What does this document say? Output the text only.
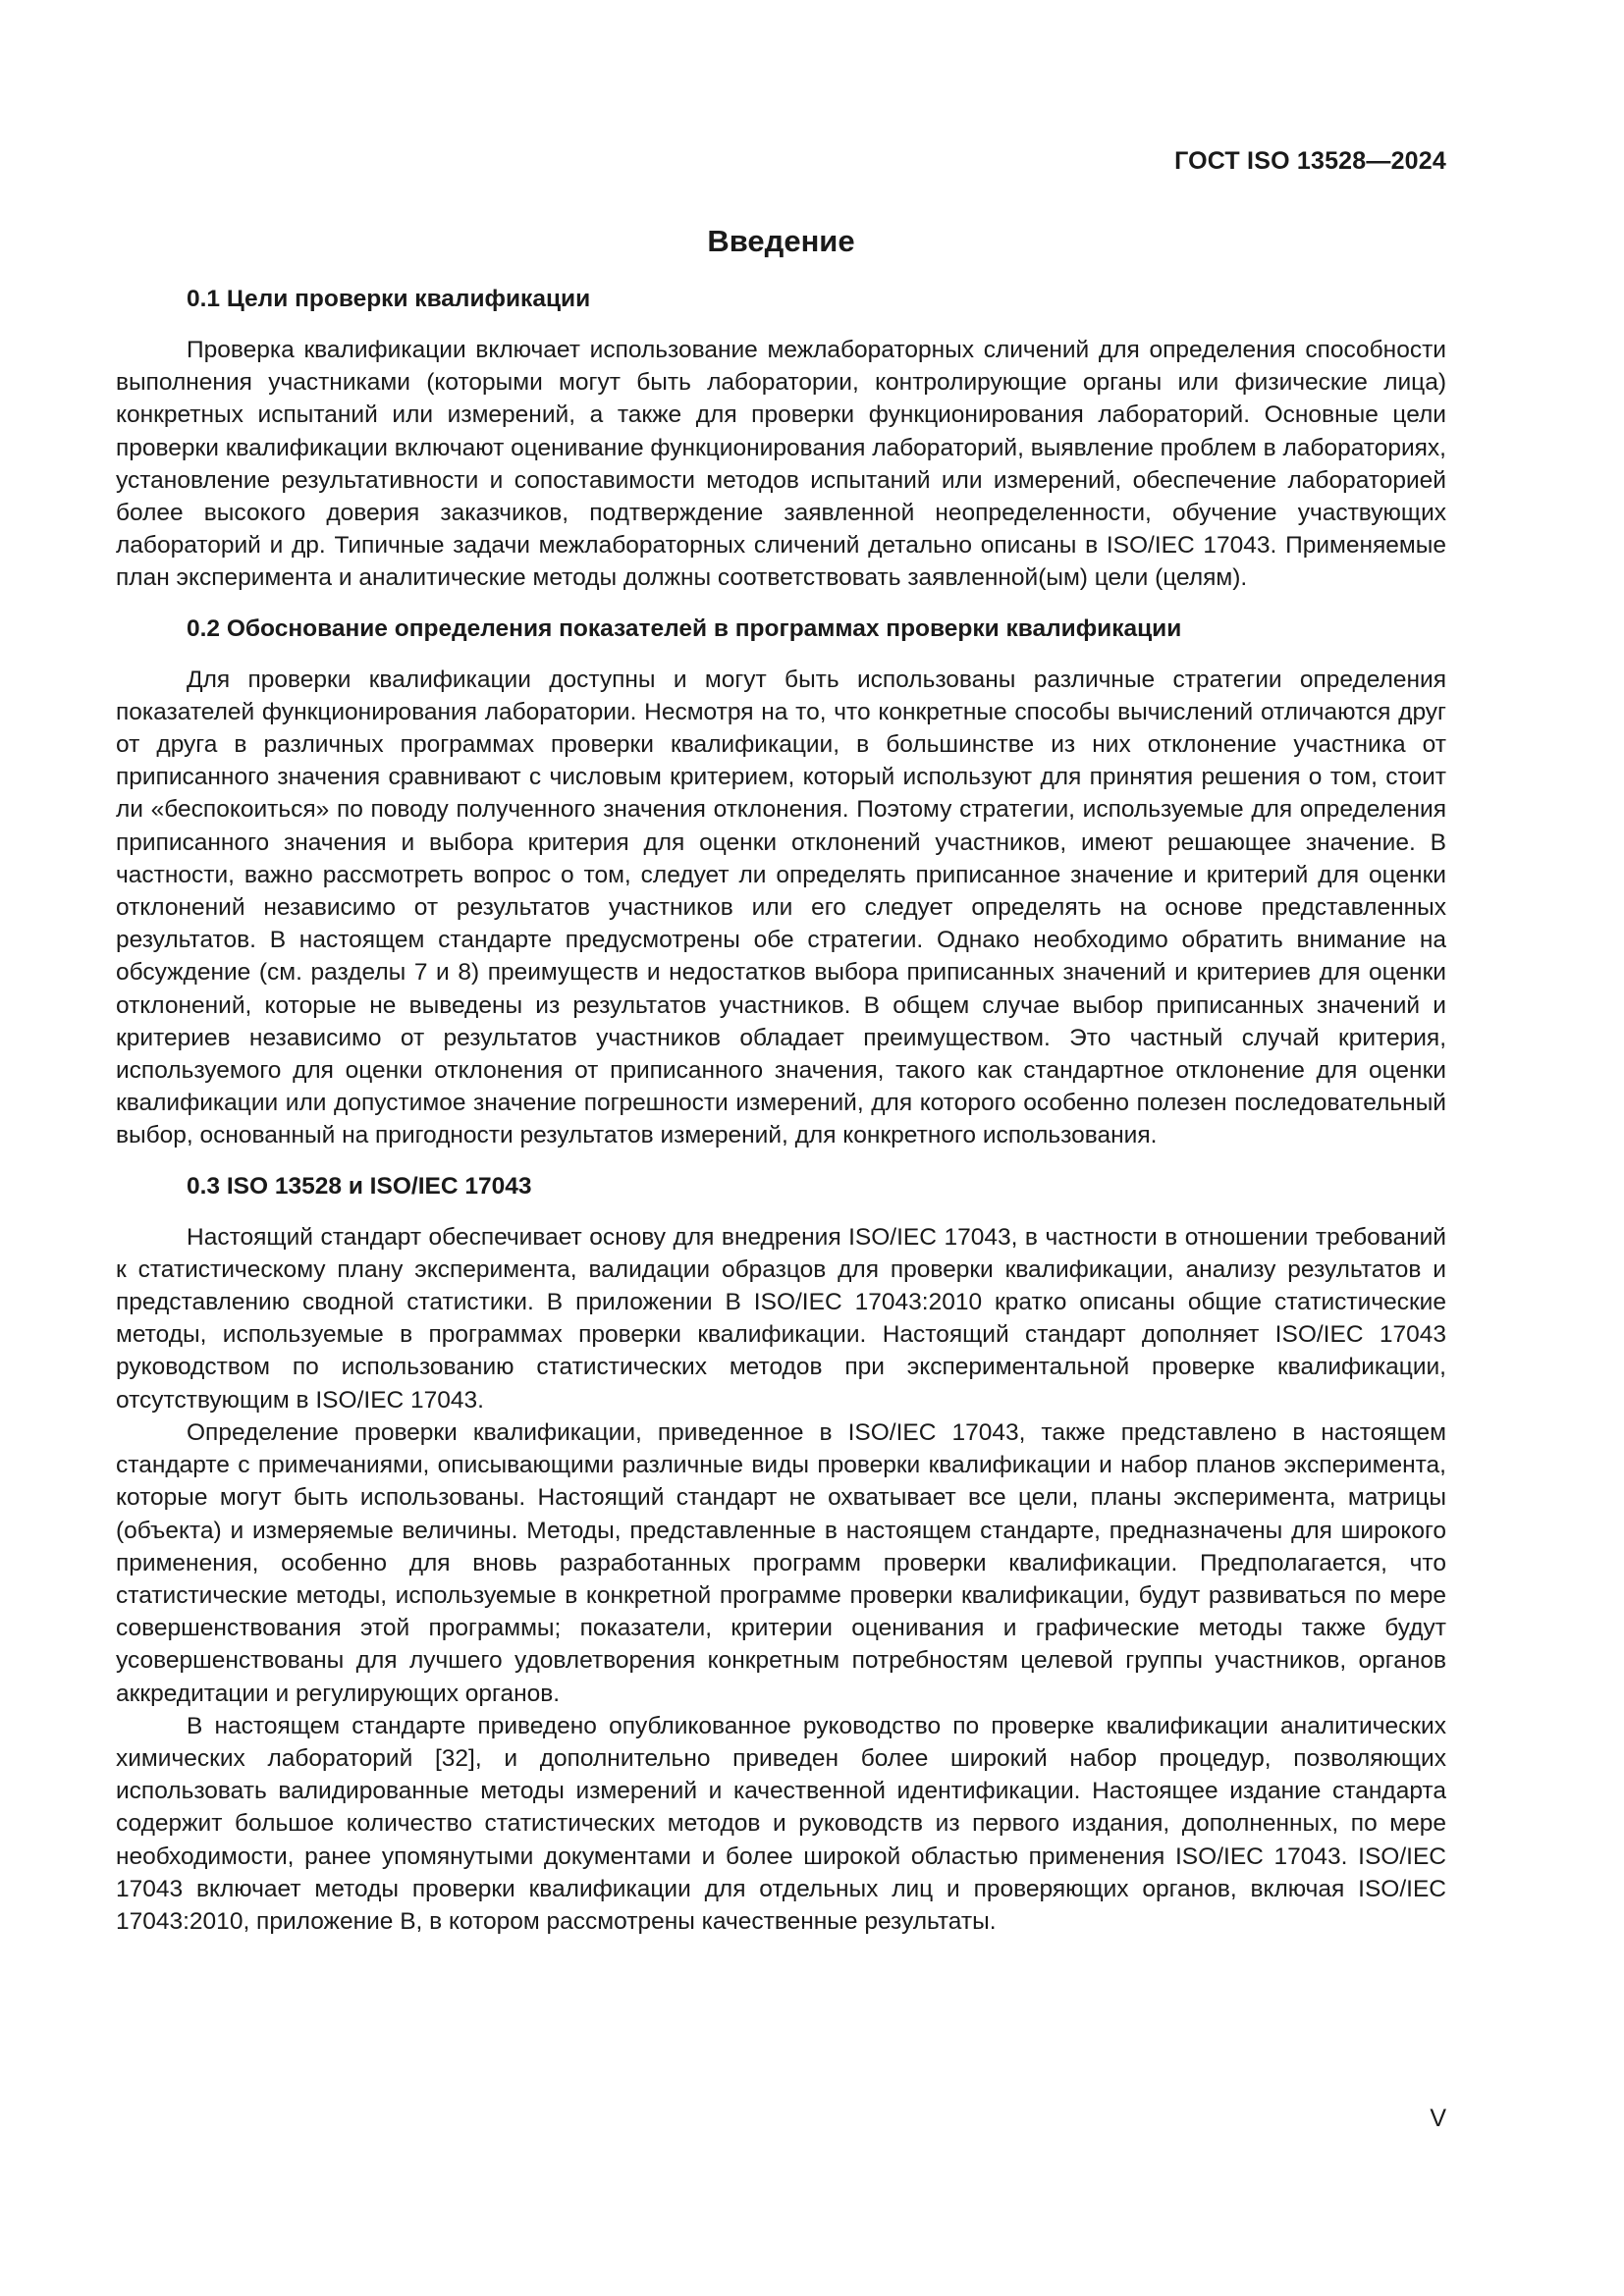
ГОСТ ISO 13528—2024
Введение
0.1 Цели проверки квалификации

Проверка квалификации включает использование межлабораторных сличений для определения способности выполнения участниками (которыми могут быть лаборатории, контролирующие органы или физические лица) конкретных испытаний или измерений, а также для проверки функционирования лабораторий. Основные цели проверки квалификации включают оценивание функционирования лабораторий, выявление проблем в лабораториях, установление результативности и сопоставимости методов испытаний или измерений, обеспечение лабораторией более высокого доверия заказчиков, подтверждение заявленной неопределенности, обучение участвующих лабораторий и др. Типичные задачи межлабораторных сличений детально описаны в ISO/IEC 17043. Применяемые план эксперимента и аналитические методы должны соответствовать заявленной(ым) цели (целям).

0.2 Обоснование определения показателей в программах проверки квалификации

Для проверки квалификации доступны и могут быть использованы различные стратегии определения показателей функционирования лаборатории. Несмотря на то, что конкретные способы вычислений отличаются друг от друга в различных программах проверки квалификации, в большинстве из них отклонение участника от приписанного значения сравнивают с числовым критерием, который используют для принятия решения о том, стоит ли «беспокоиться» по поводу полученного значения отклонения. Поэтому стратегии, используемые для определения приписанного значения и выбора критерия для оценки отклонений участников, имеют решающее значение. В частности, важно рассмотреть вопрос о том, следует ли определять приписанное значение и критерий для оценки отклонений независимо от результатов участников или его следует определять на основе представленных результатов. В настоящем стандарте предусмотрены обе стратегии. Однако необходимо обратить внимание на обсуждение (см. разделы 7 и 8) преимуществ и недостатков выбора приписанных значений и критериев для оценки отклонений, которые не выведены из результатов участников. В общем случае выбор приписанных значений и критериев независимо от результатов участников обладает преимуществом. Это частный случай критерия, используемого для оценки отклонения от приписанного значения, такого как стандартное отклонение для оценки квалификации или допустимое значение погрешности измерений, для которого особенно полезен последовательный выбор, основанный на пригодности результатов измерений, для конкретного использования.

0.3 ISO 13528 и ISO/IEC 17043

Настоящий стандарт обеспечивает основу для внедрения ISO/IEC 17043, в частности в отношении требований к статистическому плану эксперимента, валидации образцов для проверки квалификации, анализу результатов и представлению сводной статистики. В приложении В ISO/IEC 17043:2010 кратко описаны общие статистические методы, используемые в программах проверки квалификации. Настоящий стандарт дополняет ISO/IEC 17043 руководством по использованию статистических методов при экспериментальной проверке квалификации, отсутствующим в ISO/IEC 17043.

Определение проверки квалификации, приведенное в ISO/IEC 17043, также представлено в настоящем стандарте с примечаниями, описывающими различные виды проверки квалификации и набор планов эксперимента, которые могут быть использованы. Настоящий стандарт не охватывает все цели, планы эксперимента, матрицы (объекта) и измеряемые величины. Методы, представленные в настоящем стандарте, предназначены для широкого применения, особенно для вновь разработанных программ проверки квалификации. Предполагается, что статистические методы, используемые в конкретной программе проверки квалификации, будут развиваться по мере совершенствования этой программы; показатели, критерии оценивания и графические методы также будут усовершенствованы для лучшего удовлетворения конкретным потребностям целевой группы участников, органов аккредитации и регулирующих органов.

В настоящем стандарте приведено опубликованное руководство по проверке квалификации аналитических химических лабораторий [32], и дополнительно приведен более широкий набор процедур, позволяющих использовать валидированные методы измерений и качественной идентификации. Настоящее издание стандарта содержит большое количество статистических методов и руководств из первого издания, дополненных, по мере необходимости, ранее упомянутыми документами и более широкой областью применения ISO/IEC 17043. ISO/IEC 17043 включает методы проверки квалификации для отдельных лиц и проверяющих органов, включая ISO/IEC 17043:2010, приложение B, в котором рассмотрены качественные результаты.

V
